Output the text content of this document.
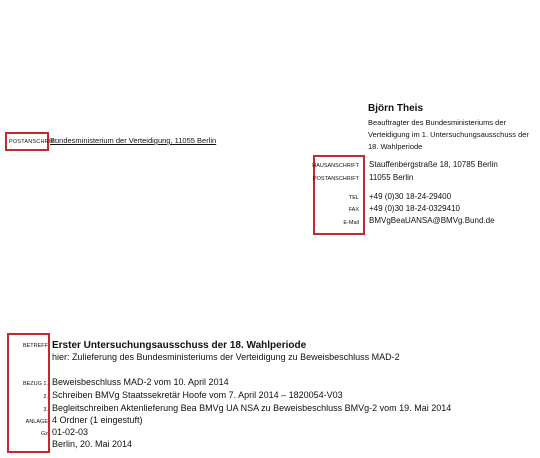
POSTANSCHRIFT
Bundesministerium der Verteidigung, 11055 Berlin
Björn Theis
Beauftragter des Bundesministeriums der
Verteidigung im 1. Untersuchungsausschuss der
18. Wahlperiode
HAUSANSCHRIFT Stauffenbergstraße 18, 10785 Berlin
POSTANSCHRIFT 11055 Berlin
TEL +49 (0)30 18-24-29400
FAX +49 (0)30 18-24-0329410
E-Mail BMVgBeaUANSA@BMVg.Bund.de
BETREFF Erster Untersuchungsausschuss der 18. Wahlperiode
hier: Zulieferung des Bundesministeriums der Verteidigung zu Beweisbeschluss MAD-2
BEZUG 1. Beweisbeschluss MAD-2 vom 10. April 2014
2. Schreiben BMVg Staatssekretär Hoofe vom 7. April 2014 – 1820054-V03
3. Begleitschreiben Aktenlieferung Bea BMVg UA NSA zu Beweisbeschluss BMVg-2 vom 19. Mai 2014
ANLAGE 4 Ordner (1 eingestuft)
Gz 01-02-03
Berlin, 20. Mai 2014
